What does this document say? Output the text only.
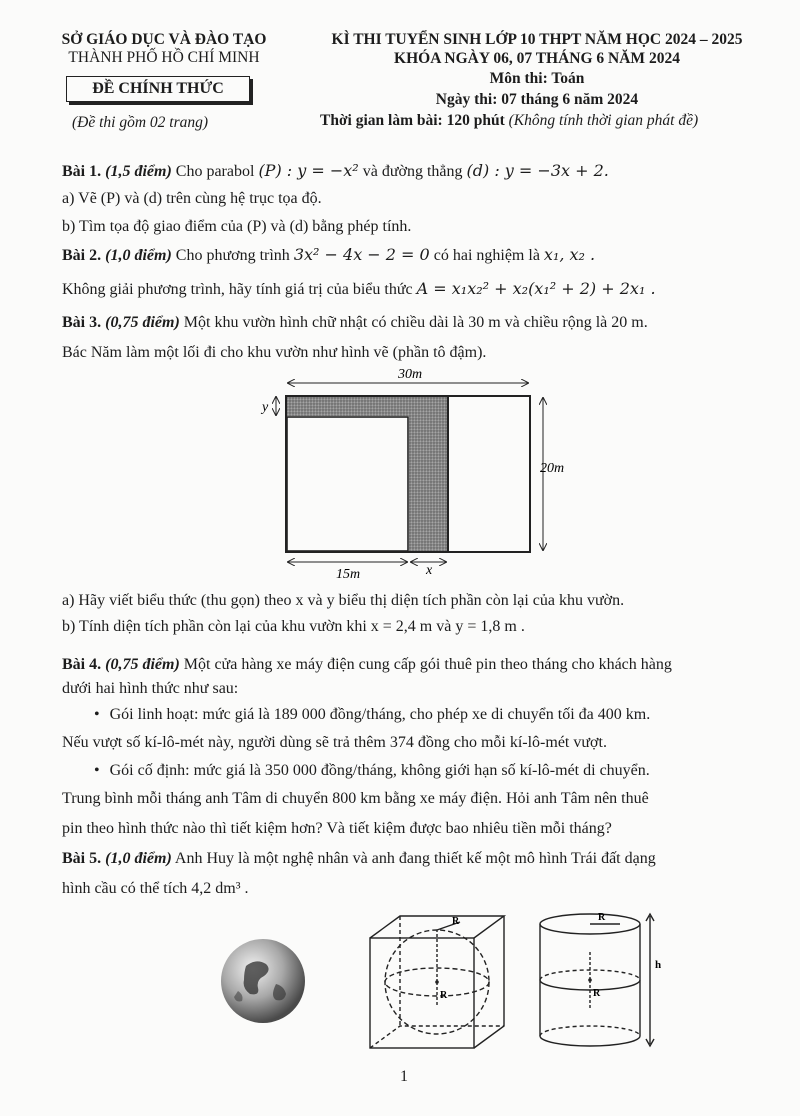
SỞ GIÁO DỤC VÀ ĐÀO TẠO
THÀNH PHỐ HỒ CHÍ MINH
ĐỀ CHÍNH THỨC
(Đề thi gồm 02 trang)
KÌ THI TUYỂN SINH LỚP 10 THPT NĂM HỌC 2024 – 2025
KHÓA NGÀY 06, 07 THÁNG 6 NĂM 2024
Môn thi: Toán
Ngày thi: 07 tháng 6 năm 2024
Thời gian làm bài: 120 phút (Không tính thời gian phát đề)
Bài 1. (1,5 điểm) Cho parabol (P) : y = −x² và đường thẳng (d) : y = −3x + 2.
a) Vẽ (P) và (d) trên cùng hệ trục tọa độ.
b) Tìm tọa độ giao điểm của (P) và (d) bằng phép tính.
Bài 2. (1,0 điểm) Cho phương trình 3x² − 4x − 2 = 0 có hai nghiệm là x₁, x₂ .
Không giải phương trình, hãy tính giá trị của biểu thức A = x₁x₂² + x₂(x₁² + 2) + 2x₁ .
Bài 3. (0,75 điểm) Một khu vườn hình chữ nhật có chiều dài là 30 m và chiều rộng là 20 m.
Bác Năm làm một lối đi cho khu vườn như hình vẽ (phần tô đậm).
30m
20m
15m	x
y
a) Hãy viết biểu thức (thu gọn) theo x và y biểu thị diện tích phần còn lại của khu vườn.
b) Tính diện tích phần còn lại của khu vườn khi x = 2,4 m và y = 1,8 m .
Bài 4. (0,75 điểm) Một cửa hàng xe máy điện cung cấp gói thuê pin theo tháng cho khách hàng
dưới hai hình thức như sau:
• Gói linh hoạt: mức giá là 189 000 đồng/tháng, cho phép xe di chuyển tối đa 400 km.
Nếu vượt số kí-lô-mét này, người dùng sẽ trả thêm 374 đồng cho mỗi kí-lô-mét vượt.
• Gói cố định: mức giá là 350 000 đồng/tháng, không giới hạn số kí-lô-mét di chuyển.
Trung bình mỗi tháng anh Tâm di chuyển 800 km bằng xe máy điện. Hỏi anh Tâm nên thuê
pin theo hình thức nào thì tiết kiệm hơn? Và tiết kiệm được bao nhiêu tiền mỗi tháng?
Bài 5. (1,0 điểm) Anh Huy là một nghệ nhân và anh đang thiết kế một mô hình Trái đất dạng
hình cầu có thể tích 4,2 dm³ .
R
R
R
R
h
1
